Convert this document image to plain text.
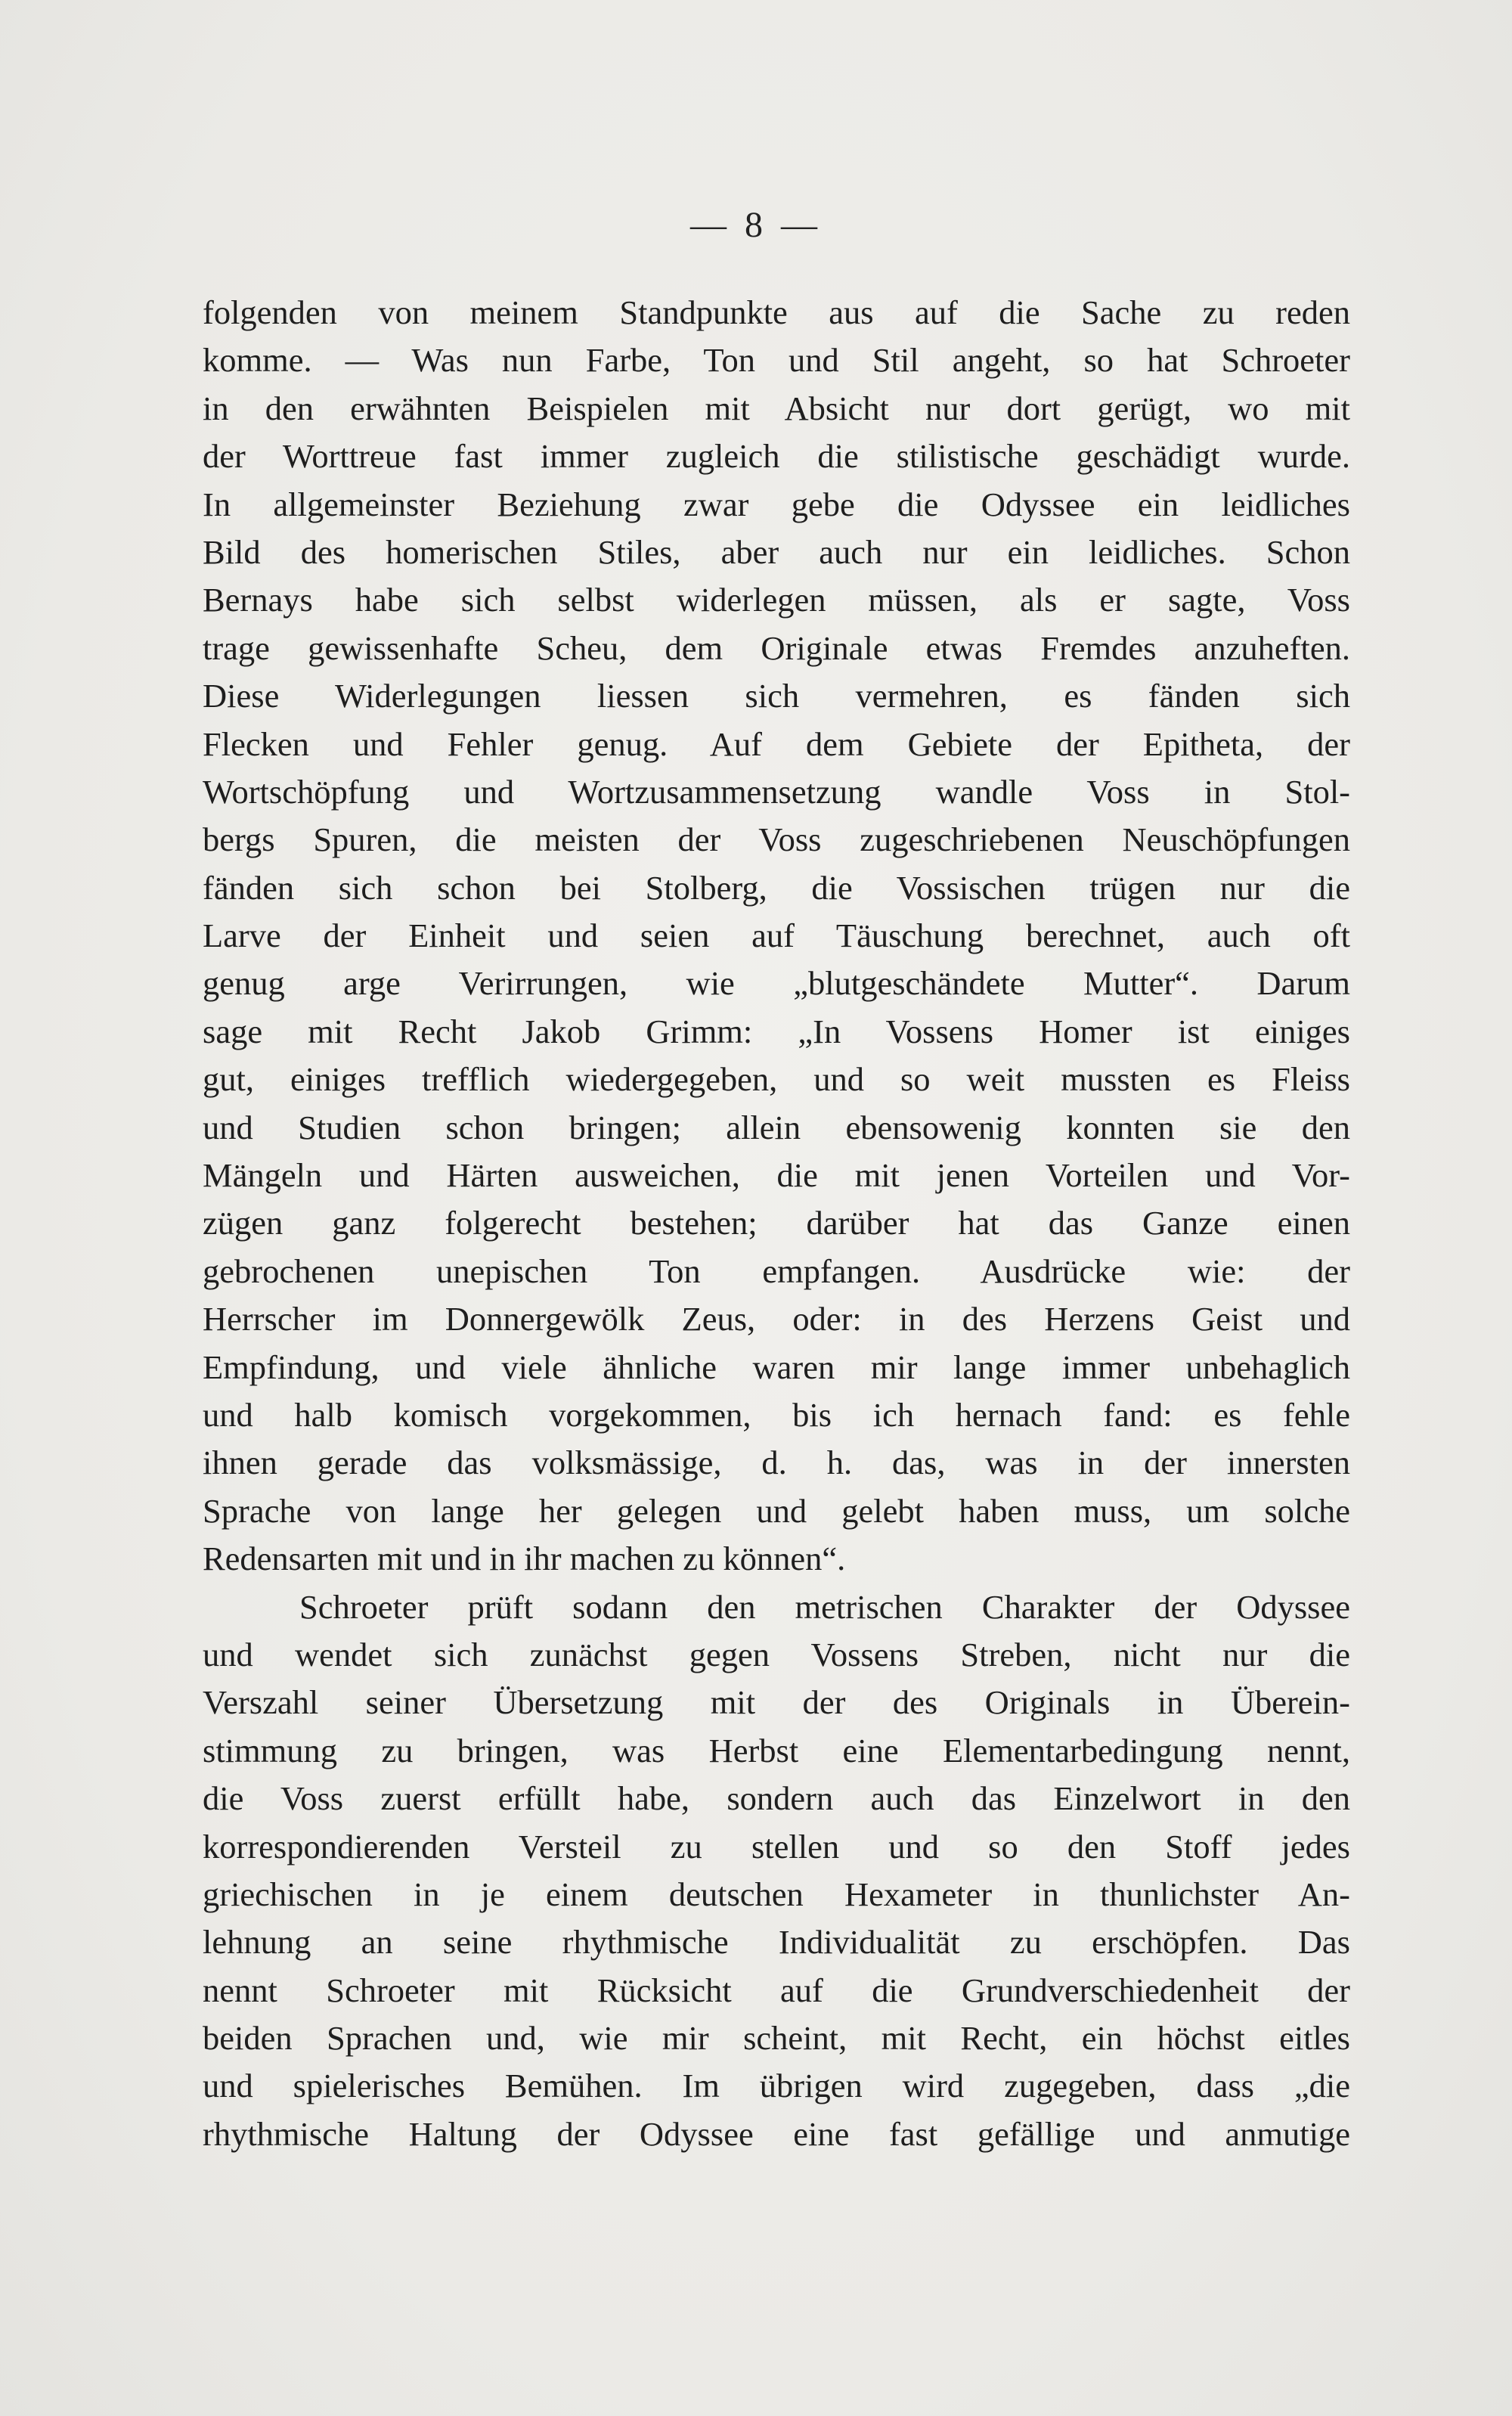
— 8 —
folgenden von meinem Standpunkte aus auf die Sache zu reden
komme. — Was nun Farbe, Ton und Stil angeht, so hat Schroeter
in den erwähnten Beispielen mit Absicht nur dort gerügt, wo mit
der Worttreue fast immer zugleich die stilistische geschädigt wurde.
In allgemeinster Beziehung zwar gebe die Odyssee ein leidliches
Bild des homerischen Stiles, aber auch nur ein leidliches. Schon
Bernays habe sich selbst widerlegen müssen, als er sagte, Voss
trage gewissenhafte Scheu, dem Originale etwas Fremdes anzuheften.
Diese Widerlegungen liessen sich vermehren, es fänden sich
Flecken und Fehler genug. Auf dem Gebiete der Epitheta, der
Wortschöpfung und Wortzusammensetzung wandle Voss in Stol-
bergs Spuren, die meisten der Voss zugeschriebenen Neuschöpfungen
fänden sich schon bei Stolberg, die Vossischen trügen nur die
Larve der Einheit und seien auf Täuschung berechnet, auch oft
genug arge Verirrungen, wie „blutgeschändete Mutter“. Darum
sage mit Recht Jakob Grimm: „In Vossens Homer ist einiges
gut, einiges trefflich wiedergegeben, und so weit mussten es Fleiss
und Studien schon bringen; allein ebensowenig konnten sie den
Mängeln und Härten ausweichen, die mit jenen Vorteilen und Vor-
zügen ganz folgerecht bestehen; darüber hat das Ganze einen
gebrochenen unepischen Ton empfangen. Ausdrücke wie: der
Herrscher im Donnergewölk Zeus, oder: in des Herzens Geist und
Empfindung, und viele ähnliche waren mir lange immer unbehaglich
und halb komisch vorgekommen, bis ich hernach fand: es fehle
ihnen gerade das volksmässige, d. h. das, was in der innersten
Sprache von lange her gelegen und gelebt haben muss, um solche
Redensarten mit und in ihr machen zu können“.
Schroeter prüft sodann den metrischen Charakter der Odyssee
und wendet sich zunächst gegen Vossens Streben, nicht nur die
Verszahl seiner Übersetzung mit der des Originals in Überein-
stimmung zu bringen, was Herbst eine Elementarbedingung nennt,
die Voss zuerst erfüllt habe, sondern auch das Einzelwort in den
korrespondierenden Versteil zu stellen und so den Stoff jedes
griechischen in je einem deutschen Hexameter in thunlichster An-
lehnung an seine rhythmische Individualität zu erschöpfen. Das
nennt Schroeter mit Rücksicht auf die Grundverschiedenheit der
beiden Sprachen und, wie mir scheint, mit Recht, ein höchst eitles
und spielerisches Bemühen. Im übrigen wird zugegeben, dass „die
rhythmische Haltung der Odyssee eine fast gefällige und anmutige
